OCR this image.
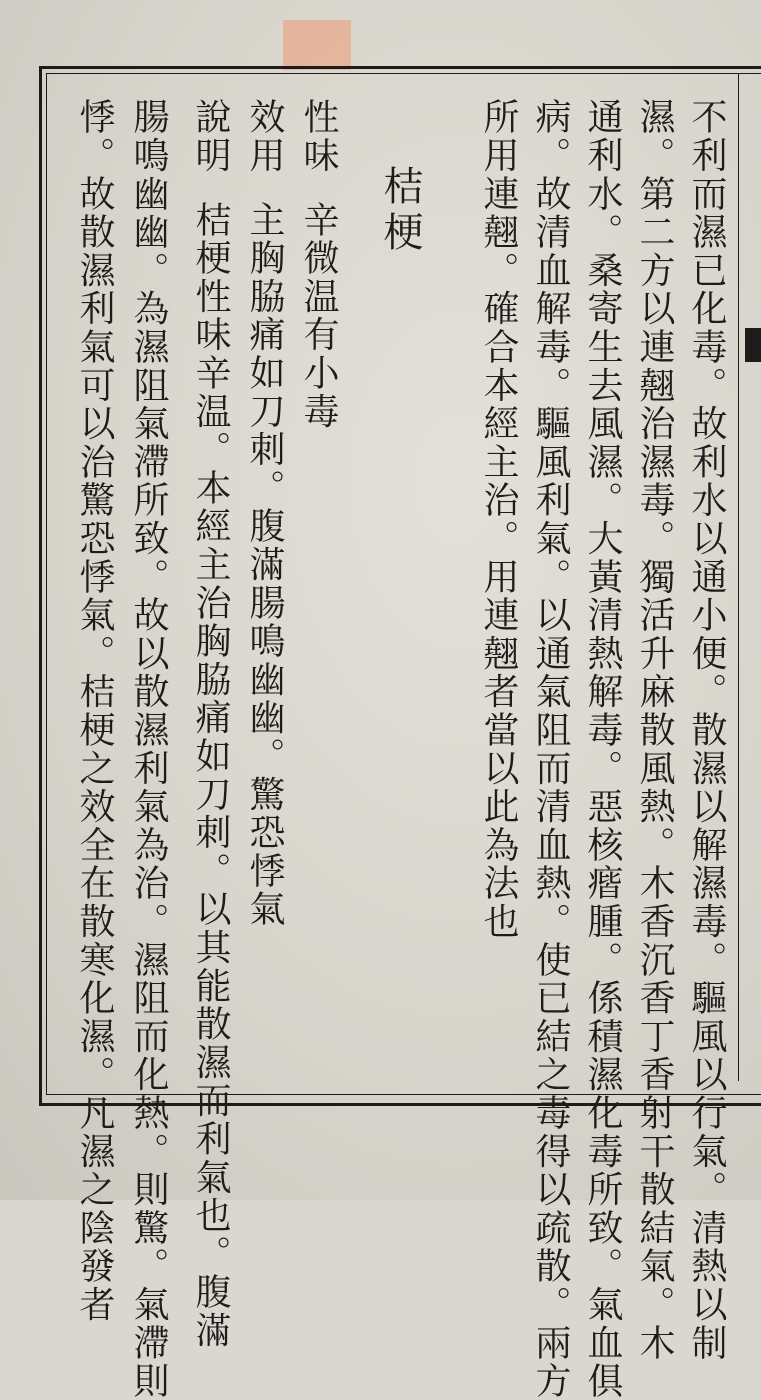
不利而濕已化毒。故利水以通小便。散濕以解濕毒。驅風以行氣。清熱以制
濕。第二方以連翹治濕毒。獨活升麻散風熱。木香沉香丁香射干散結氣。木
通利水。桑寄生去風濕。大黃清熱解毒。惡核㾬腫。係積濕化毒所致。氣血俱
病。故清血解毒。驅風利氣。以通氣阻而清血熱。使已結之毒得以疏散。兩方
所用連翹。確合本經主治。用連翹者當以此為法也
桔梗
性味辛微温有小毒
效用主胸脇痛如刀刺。腹滿腸鳴幽幽。驚恐悸氣
說明桔梗性味辛温。本經主治胸脇痛如刀刺。以其能散濕而利氣也。腹滿
腸鳴幽幽。為濕阻氣滯所致。故以散濕利氣為治。濕阻而化熱。則驚。氣滯則
悸。故散濕利氣可以治驚恐悸氣。桔梗之效全在散寒化濕。凡濕之陰發者
